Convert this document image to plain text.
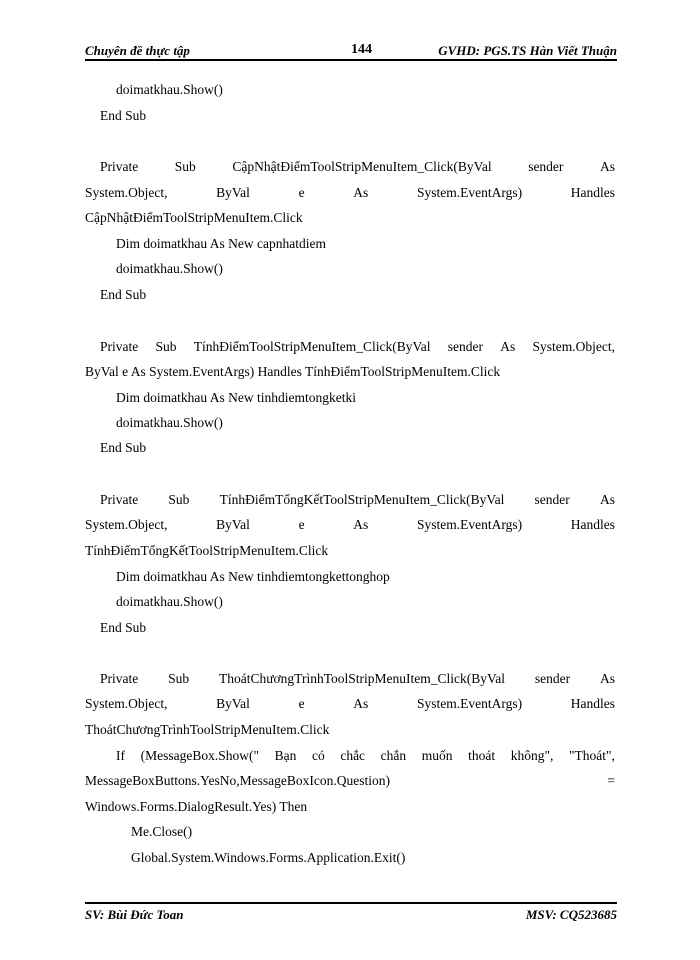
Chuyên đề thực tập	144	GVHD: PGS.TS Hàn Viết Thuận
doimatkhau.Show()
End Sub
Private	Sub	CậpNhậtĐiểmToolStripMenuItem_Click(ByVal	sender	As
System.Object,	ByVal	e	As	System.EventArgs)	Handles
CậpNhậtĐiểmToolStripMenuItem.Click
Dim doimatkhau As New capnhatdiem
doimatkhau.Show()
End Sub
Private Sub TínhĐiểmToolStripMenuItem_Click(ByVal sender As System.Object,
ByVal e As System.EventArgs) Handles TínhĐiểmToolStripMenuItem.Click
Dim doimatkhau As New tinhdiemtongketki
doimatkhau.Show()
End Sub
Private Sub TínhĐiểmTổngKếtToolStripMenuItem_Click(ByVal sender As
System.Object,	ByVal	e	As	System.EventArgs)	Handles
TínhĐiểmTổngKếtToolStripMenuItem.Click
Dim doimatkhau As New tinhdiemtongkettonghop
doimatkhau.Show()
End Sub
Private Sub ThoátChươngTrìnhToolStripMenuItem_Click(ByVal sender As
System.Object,	ByVal	e	As	System.EventArgs)	Handles
ThoátChươngTrìnhToolStripMenuItem.Click
If (MessageBox.Show(" Bạn có chắc chắn muốn thoát không", "Thoát",
MessageBoxButtons.YesNo,MessageBoxIcon.Question)	=
Windows.Forms.DialogResult.Yes) Then
Me.Close()
Global.System.Windows.Forms.Application.Exit()
SV: Bùi Đức Toan	MSV: CQ523685
